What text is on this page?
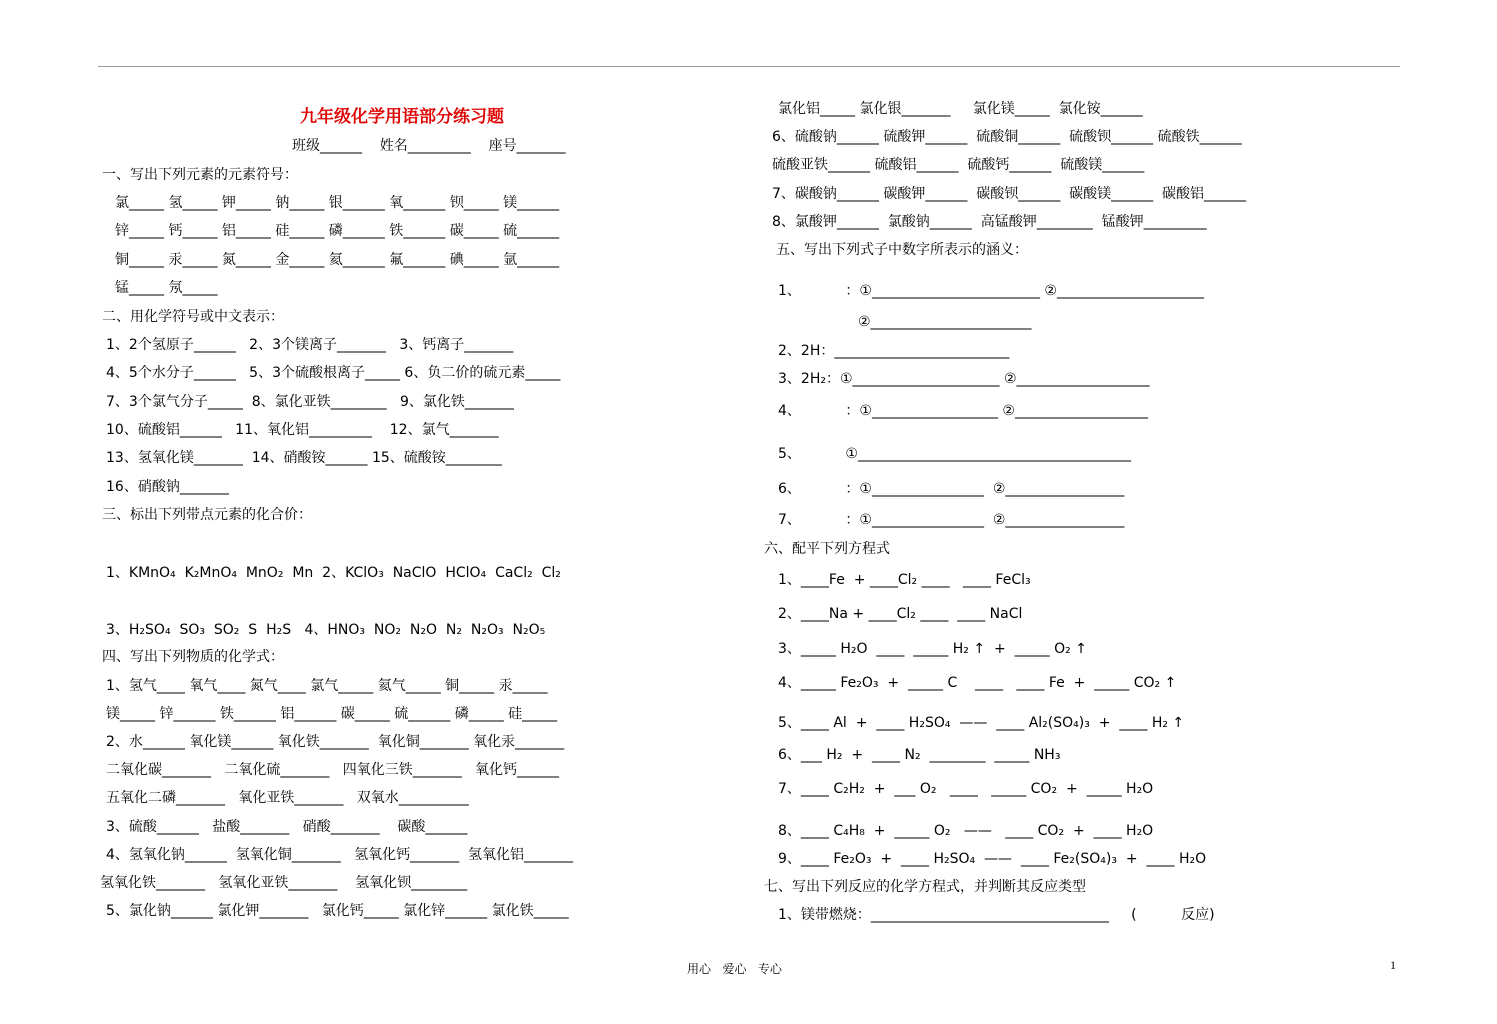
九年级化学用语部分练习题
班级______    姓名_________    座号_______
一、写出下列元素的元素符号：
氯_____ 氢_____ 钾_____ 钠_____ 银______ 氧______ 钡_____ 镁______
锌_____ 钙_____ 铝_____ 硅_____ 磷______ 铁______ 碳_____ 硫______
铜_____ 汞_____ 氮_____ 金_____ 氦______ 氟______ 碘_____ 氩______
锰_____ 氖_____
二、用化学符号或中文表示：
1、2个氢原子______   2、3个镁离子_______   3、钙离子_______
4、5个水分子______   5、3个硫酸根离子_____ 6、负二价的硫元素_____
7、3个氯气分子_____  8、氯化亚铁________   9、氯化铁_______
10、硫酸铝______   11、氧化铝_________    12、氯气_______
13、氢氧化镁_______  14、硝酸铵______ 15、硫酸铵________
16、硝酸钠_______
三、标出下列带点元素的化合价：
1、KMnO₄  K₂MnO₄  MnO₂  Mn  2、KClO₃  NaClO  HClO₄  CaCl₂  Cl₂
3、H₂SO₄  SO₃  SO₂  S  H₂S   4、HNO₃  NO₂  N₂O  N₂  N₂O₃  N₂O₅
四、写出下列物质的化学式：
1、氢气____ 氧气____ 氮气____ 氯气_____ 氦气_____ 铜_____ 汞_____
镁_____ 锌______ 铁______ 铝______ 碳_____ 硫______ 磷_____ 硅_____
2、水______ 氧化镁______ 氧化铁_______  氧化铜_______ 氧化汞_______
二氧化碳_______   二氧化硫_______   四氧化三铁_______   氧化钙______
五氧化二磷_______   氧化亚铁_______   双氧水__________
3、硫酸______   盐酸_______   硝酸_______    碳酸______
4、氢氧化钠______  氢氧化铜_______   氢氧化钙_______  氢氧化铝_______
氢氧化铁_______   氢氧化亚铁_______    氢氧化钡________
5、氯化钠______ 氯化钾_______   氯化钙_____ 氯化锌______ 氯化铁_____
氯化铝_____ 氯化银_______     氯化镁_____  氯化铵______
6、硫酸钠______ 硫酸钾______  硫酸铜______  硫酸钡______ 硫酸铁______
硫酸亚铁______ 硫酸铝______  硫酸钙______  硫酸镁______
7、碳酸钠______ 碳酸钾______  碳酸钡______  碳酸镁______  碳酸铝______
8、氯酸钾______  氯酸钠______  高锰酸钾________  锰酸钾_________
五、写出下列式子中数字所表示的涵义：
1、          ：①________________________ ②_____________________
②_______________________
2、2H：_________________________
3、2H₂：①_____________________ ②___________________
4、          ：①__________________ ②___________________
5、          ①_______________________________________
6、          ：①________________  ②_________________
7、          ：①________________  ②_________________
六、配平下列方程式
1、____Fe  + ____Cl₂ ____   ____ FeCl₃
2、____Na + ____Cl₂ ____  ____ NaCl
3、_____ H₂O  ____  _____ H₂ ↑  +  _____ O₂ ↑
4、_____ Fe₂O₃  +  _____ C    ____   ____ Fe  +  _____ CO₂ ↑
5、____ Al  +  ____ H₂SO₄  ——  ____ Al₂(SO₄)₃  +  ____ H₂ ↑
6、___ H₂  +  ____ N₂  ________  _____ NH₃
7、____ C₂H₂  +  ___ O₂   ____   _____ CO₂  +  _____ H₂O
8、____ C₄H₈  +  _____ O₂   ——   ____ CO₂  +  ____ H₂O
9、____ Fe₂O₃  +  ____ H₂SO₄  ——  ____ Fe₂(SO₄)₃  +  ____ H₂O
七、写出下列反应的化学方程式，并判断其反应类型
1、镁带燃烧：__________________________________     (          反应)
用心   爱心   专心	1
